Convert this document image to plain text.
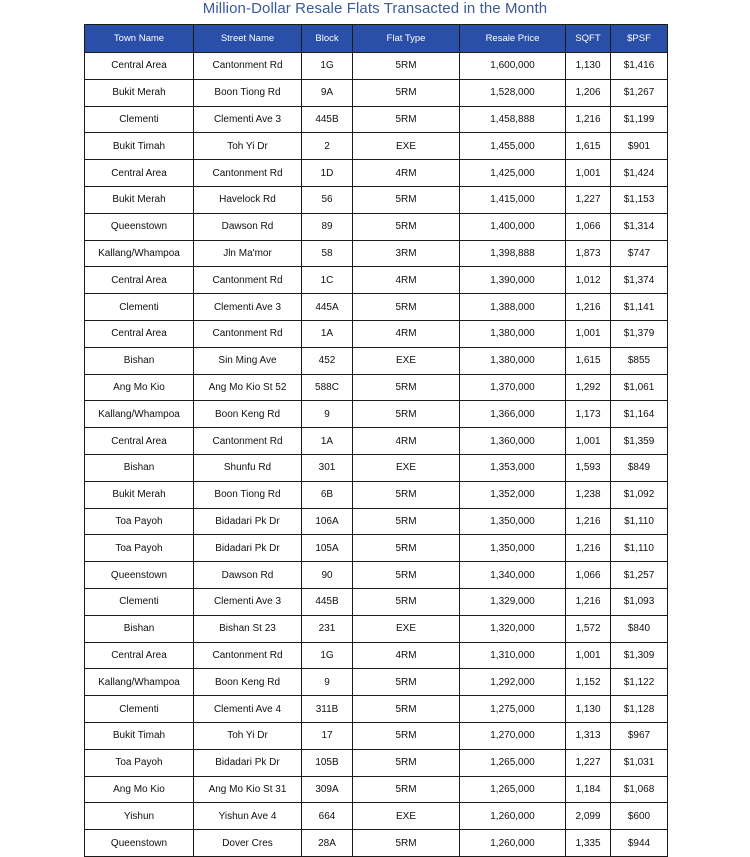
Million-Dollar Resale Flats Transacted in the Month
Town Name	Street Name	Block	Flat Type	Resale Price	SQFT	$PSF
Central Area	Cantonment Rd	1G	5RM	1,600,000	1,130	$1,416
Bukit Merah	Boon Tiong Rd	9A	5RM	1,528,000	1,206	$1,267
Clementi	Clementi Ave 3	445B	5RM	1,458,888	1,216	$1,199
Bukit Timah	Toh Yi Dr	2	EXE	1,455,000	1,615	$901
Central Area	Cantonment Rd	1D	4RM	1,425,000	1,001	$1,424
Bukit Merah	Havelock Rd	56	5RM	1,415,000	1,227	$1,153
Queenstown	Dawson Rd	89	5RM	1,400,000	1,066	$1,314
Kallang/Whampoa	Jln Ma'mor	58	3RM	1,398,888	1,873	$747
Central Area	Cantonment Rd	1C	4RM	1,390,000	1,012	$1,374
Clementi	Clementi Ave 3	445A	5RM	1,388,000	1,216	$1,141
Central Area	Cantonment Rd	1A	4RM	1,380,000	1,001	$1,379
Bishan	Sin Ming Ave	452	EXE	1,380,000	1,615	$855
Ang Mo Kio	Ang Mo Kio St 52	588C	5RM	1,370,000	1,292	$1,061
Kallang/Whampoa	Boon Keng Rd	9	5RM	1,366,000	1,173	$1,164
Central Area	Cantonment Rd	1A	4RM	1,360,000	1,001	$1,359
Bishan	Shunfu Rd	301	EXE	1,353,000	1,593	$849
Bukit Merah	Boon Tiong Rd	6B	5RM	1,352,000	1,238	$1,092
Toa Payoh	Bidadari Pk Dr	106A	5RM	1,350,000	1,216	$1,110
Toa Payoh	Bidadari Pk Dr	105A	5RM	1,350,000	1,216	$1,110
Queenstown	Dawson Rd	90	5RM	1,340,000	1,066	$1,257
Clementi	Clementi Ave 3	445B	5RM	1,329,000	1,216	$1,093
Bishan	Bishan St 23	231	EXE	1,320,000	1,572	$840
Central Area	Cantonment Rd	1G	4RM	1,310,000	1,001	$1,309
Kallang/Whampoa	Boon Keng Rd	9	5RM	1,292,000	1,152	$1,122
Clementi	Clementi Ave 4	311B	5RM	1,275,000	1,130	$1,128
Bukit Timah	Toh Yi Dr	17	5RM	1,270,000	1,313	$967
Toa Payoh	Bidadari Pk Dr	105B	5RM	1,265,000	1,227	$1,031
Ang Mo Kio	Ang Mo Kio St 31	309A	5RM	1,265,000	1,184	$1,068
Yishun	Yishun Ave 4	664	EXE	1,260,000	2,099	$600
Queenstown	Dover Cres	28A	5RM	1,260,000	1,335	$944
